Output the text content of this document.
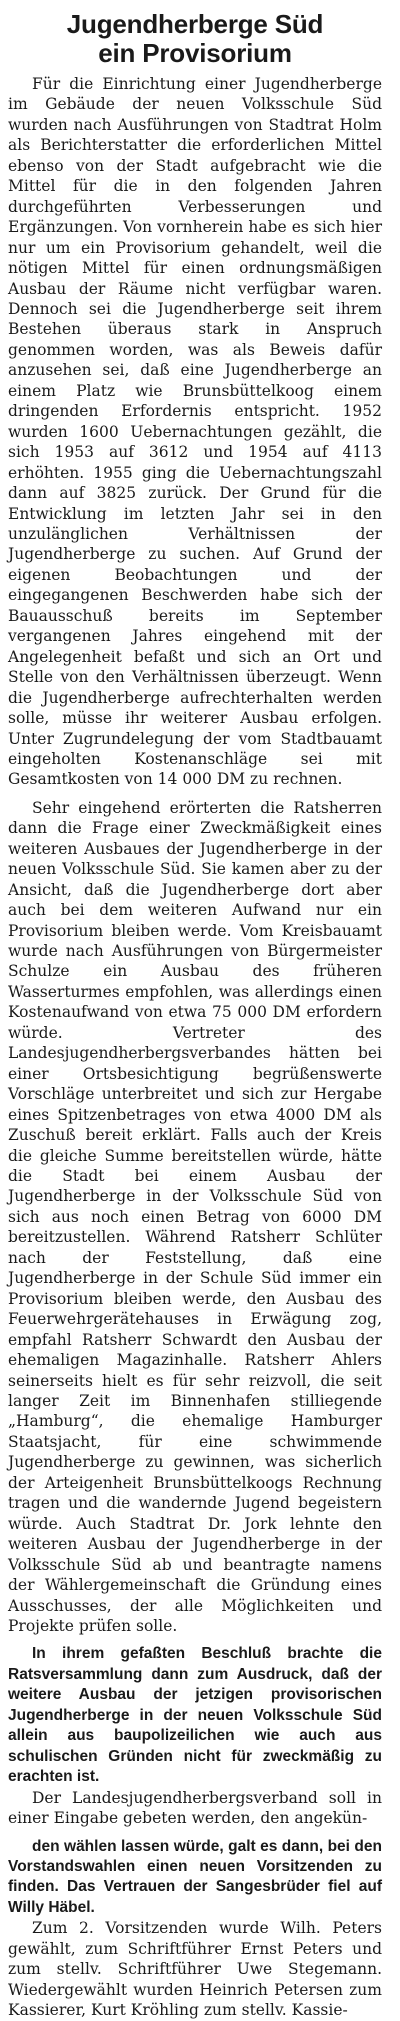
Jugendherberge Süd
ein Provisorium

Für die Einrichtung einer Jugendherberge im Gebäude der neuen Volksschule Süd wurden nach Ausführungen von Stadtrat Holm als Berichterstatter die erforderlichen Mittel ebenso von der Stadt aufgebracht wie die Mittel für die in den folgenden Jahren durchgeführten Verbesserungen und Ergänzungen. Von vornherein habe es sich hier nur um ein Provisorium gehandelt, weil die nötigen Mittel für einen ordnungsmäßigen Ausbau der Räume nicht verfügbar waren. Dennoch sei die Jugendherberge seit ihrem Bestehen überaus stark in Anspruch genommen worden, was als Beweis dafür anzusehen sei, daß eine Jugendherberge an einem Platz wie Brunsbüttelkoog einem dringenden Erfordernis entspricht. 1952 wurden 1600 Uebernachtungen gezählt, die sich 1953 auf 3612 und 1954 auf 4113 erhöhten. 1955 ging die Uebernachtungszahl dann auf 3825 zurück. Der Grund für die Entwicklung im letzten Jahr sei in den unzulänglichen Verhältnissen der Jugendherberge zu suchen. Auf Grund der eigenen Beobachtungen und der eingegangenen Beschwerden habe sich der Bauausschuß bereits im September vergangenen Jahres eingehend mit der Angelegenheit befaßt und sich an Ort und Stelle von den Verhältnissen überzeugt. Wenn die Jugendherberge aufrechterhalten werden solle, müsse ihr weiterer Ausbau erfolgen. Unter Zugrundelegung der vom Stadtbauamt eingeholten Kostenanschläge sei mit Gesamtkosten von 14 000 DM zu rechnen.

Sehr eingehend erörterten die Ratsherren dann die Frage einer Zweckmäßigkeit eines weiteren Ausbaues der Jugendherberge in der neuen Volksschule Süd. Sie kamen aber zu der Ansicht, daß die Jugendherberge dort aber auch bei dem weiteren Aufwand nur ein Provisorium bleiben werde. Vom Kreisbauamt wurde nach Ausführungen von Bürgermeister Schulze ein Ausbau des früheren Wasserturmes empfohlen, was allerdings einen Kostenaufwand von etwa 75 000 DM erfordern würde. Vertreter des Landesjugendherbergsverbandes hätten bei einer Ortsbesichtigung begrüßenswerte Vorschläge unterbreitet und sich zur Hergabe eines Spitzenbetrages von etwa 4000 DM als Zuschuß bereit erklärt. Falls auch der Kreis die gleiche Summe bereitstellen würde, hätte die Stadt bei einem Ausbau der Jugendherberge in der Volksschule Süd von sich aus noch einen Betrag von 6000 DM bereitzustellen. Während Ratsherr Schlüter nach der Feststellung, daß eine Jugendherberge in der Schule Süd immer ein Provisorium bleiben werde, den Ausbau des Feuerwehrgerätehauses in Erwägung zog, empfahl Ratsherr Schwardt den Ausbau der ehemaligen Magazinhalle. Ratsherr Ahlers seinerseits hielt es für sehr reizvoll, die seit langer Zeit im Binnenhafen stilliegende „Hamburg“, die ehemalige Hamburger Staatsjacht, für eine schwimmende Jugendherberge zu gewinnen, was sicherlich der Arteigenheit Brunsbüttelkoogs Rechnung tragen und die wandernde Jugend begeistern würde. Auch Stadtrat Dr. Jork lehnte den weiteren Ausbau der Jugendherberge in der Volksschule Süd ab und beantragte namens der Wählergemeinschaft die Gründung eines Ausschusses, der alle Möglichkeiten und Projekte prüfen solle.

In ihrem gefaßten Beschluß brachte die Ratsversammlung dann zum Ausdruck, daß der weitere Ausbau der jetzigen provisorischen Jugendherberge in der neuen Volksschule Süd allein aus baupolizeilichen wie auch aus schulischen Gründen nicht für zweckmäßig zu erachten ist.

Der Landesjugendherbergsverband soll in einer Eingabe gebeten werden, den angekün-

den wählen lassen würde, galt es dann, bei den Vorstandswahlen einen neuen Vorsitzenden zu finden. Das Vertrauen der Sangesbrüder fiel auf Willy Häbel.

Zum 2. Vorsitzenden wurde Wilh. Peters gewählt, zum Schriftführer Ernst Peters und zum stellv. Schriftführer Uwe Stegemann. Wiedergewählt wurden Heinrich Petersen zum Kassierer, Kurt Kröhling zum stellv. Kassie-
